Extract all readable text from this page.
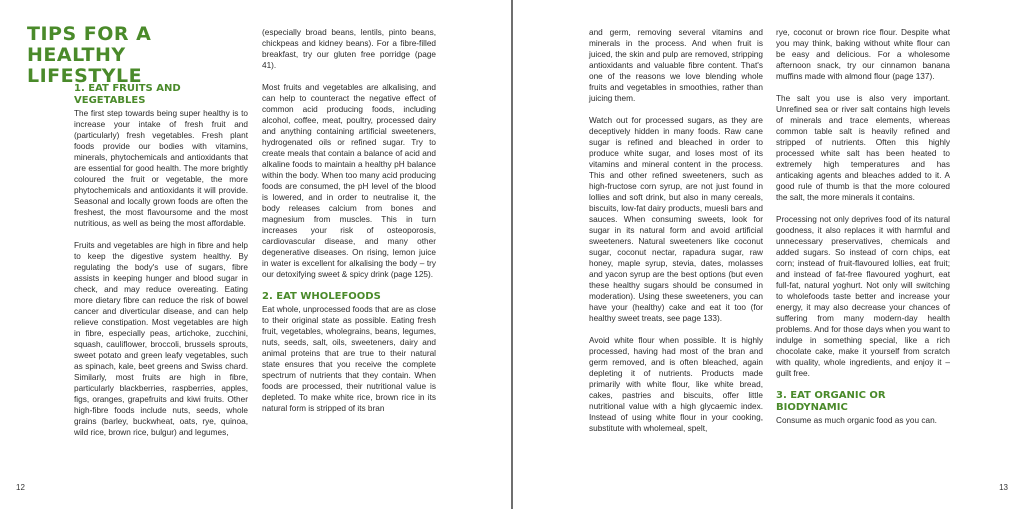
TIPS FOR A HEALTHY LIFESTYLE
1. EAT FRUITS AND VEGETABLES

The first step towards being super healthy is to increase your intake of fresh fruit and (particularly) fresh vegetables. Fresh plant foods provide our bodies with vitamins, minerals, phytochemicals and antioxidants that are essential for good health. The more brightly coloured the fruit or vegetable, the more phytochemicals and antioxidants it will provide. Seasonal and locally grown foods are often the freshest, the most flavoursome and the most nutritious, as well as being the most affordable.

Fruits and vegetables are high in fibre and help to keep the digestive system healthy. By regulating the body's use of sugars, fibre assists in keeping hunger and blood sugar in check, and may reduce overeating. Eating more dietary fibre can reduce the risk of bowel cancer and diverticular disease, and can help relieve constipation. Most vegetables are high in fibre, especially peas, artichoke, zucchini, squash, cauliflower, broccoli, brussels sprouts, sweet potato and green leafy vegetables, such as spinach, kale, beet greens and Swiss chard. Similarly, most fruits are high in fibre, particularly blackberries, raspberries, apples, figs, oranges, grapefruits and kiwi fruits. Other high-fibre foods include nuts, seeds, whole grains (barley, buckwheat, oats, rye, quinoa, wild rice, brown rice, bulgur) and legumes,

(especially broad beans, lentils, pinto beans, chickpeas and kidney beans). For a fibre-filled breakfast, try our gluten free porridge (page 41).

Most fruits and vegetables are alkalising, and can help to counteract the negative effect of common acid producing foods, including alcohol, coffee, meat, poultry, processed dairy and anything containing artificial sweeteners, hydrogenated oils or refined sugar. Try to create meals that contain a balance of acid and alkaline foods to maintain a healthy pH balance within the body. When too many acid producing foods are consumed, the pH level of the blood is lowered, and in order to neutralise it, the body releases calcium from bones and magnesium from muscles. This in turn increases your risk of osteoporosis, cardiovascular disease, and many other degenerative diseases. On rising, lemon juice in water is excellent for alkalising the body – try our detoxifying sweet & spicy drink (page 125).

2. EAT WHOLEFOODS

Eat whole, unprocessed foods that are as close to their original state as possible. Eating fresh fruit, vegetables, wholegrains, beans, legumes, nuts, seeds, salt, oils, sweeteners, dairy and animal proteins that are true to their natural state ensures that you receive the complete spectrum of nutrients that they contain. When foods are processed, their nutritional value is depleted. To make white rice, brown rice in its natural form is stripped of its bran

12

and germ, removing several vitamins and minerals in the process. And when fruit is juiced, the skin and pulp are removed, stripping antioxidants and valuable fibre content. That's one of the reasons we love blending whole fruits and vegetables in smoothies, rather than juicing them.

Watch out for processed sugars, as they are deceptively hidden in many foods. Raw cane sugar is refined and bleached in order to produce white sugar, and loses most of its vitamins and mineral content in the process. This and other refined sweeteners, such as high-fructose corn syrup, are not just found in lollies and soft drink, but also in many cereals, biscuits, low-fat dairy products, muesli bars and sauces. When consuming sweets, look for sugar in its natural form and avoid artificial sweeteners. Natural sweeteners like coconut sugar, coconut nectar, rapadura sugar, raw honey, maple syrup, stevia, dates, molasses and yacon syrup are the best options (but even these healthy sugars should be consumed in moderation). Using these sweeteners, you can have your (healthy) cake and eat it too (for healthy sweet treats, see page 133).

Avoid white flour when possible. It is highly processed, having had most of the bran and germ removed, and is often bleached, again depleting it of nutrients. Products made primarily with white flour, like white bread, cakes, pastries and biscuits, offer little nutritional value with a high glycaemic index. Instead of using white flour in your cooking, substitute with wholemeal, spelt,

rye, coconut or brown rice flour. Despite what you may think, baking without white flour can be easy and delicious. For a wholesome afternoon snack, try our cinnamon banana muffins made with almond flour (page 137).

The salt you use is also very important. Unrefined sea or river salt contains high levels of minerals and trace elements, whereas common table salt is heavily refined and stripped of nutrients. Often this highly processed white salt has been heated to extremely high temperatures and has anticaking agents and bleaches added to it. A good rule of thumb is that the more coloured the salt, the more minerals it contains.

Processing not only deprives food of its natural goodness, it also replaces it with harmful and unnecessary preservatives, chemicals and added sugars. So instead of corn chips, eat corn; instead of fruit-flavoured lollies, eat fruit; and instead of fat-free flavoured yoghurt, eat full-fat, natural yoghurt. Not only will switching to wholefoods taste better and increase your energy, it may also decrease your chances of suffering from many modern-day health problems. And for those days when you want to indulge in something special, like a rich chocolate cake, make it yourself from scratch with quality, whole ingredients, and enjoy it – guilt free.

3. EAT ORGANIC OR BIODYNAMIC

Consume as much organic food as you can.

13
